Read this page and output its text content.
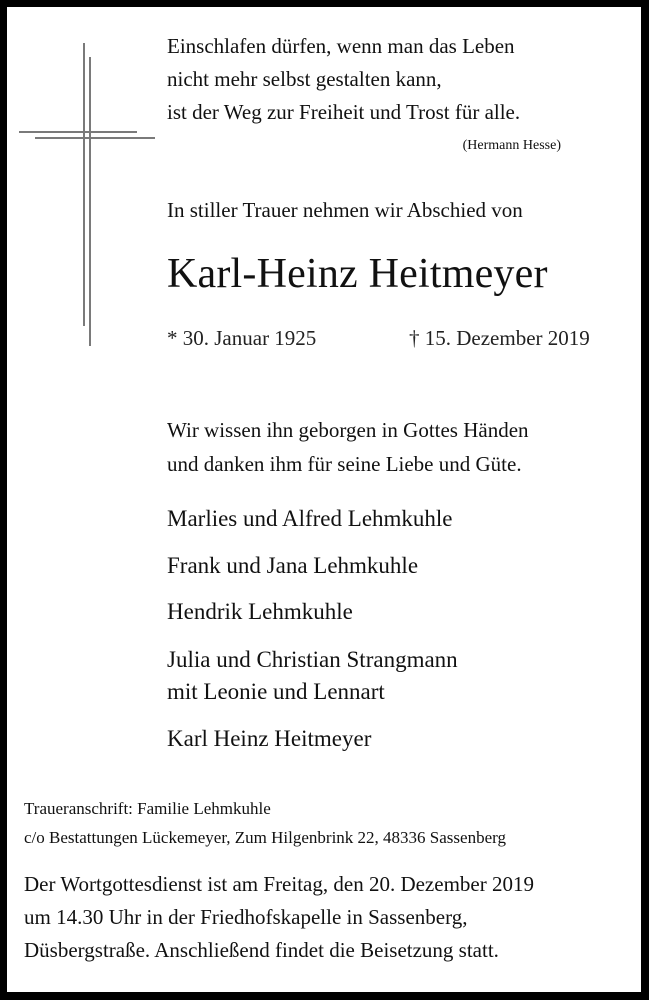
Einschlafen dürfen, wenn man das Leben
nicht mehr selbst gestalten kann,
ist der Weg zur Freiheit und Trost für alle.
(Hermann Hesse)
In stiller Trauer nehmen wir Abschied von
Karl-Heinz Heitmeyer
* 30. Januar 1925	† 15. Dezember 2019
Wir wissen ihn geborgen in Gottes Händen
und danken ihm für seine Liebe und Güte.
Marlies und Alfred Lehmkuhle
Frank und Jana Lehmkuhle
Hendrik Lehmkuhle
Julia und Christian Strangmann
mit Leonie und Lennart
Karl Heinz Heitmeyer
Traueranschrift: Familie Lehmkuhle
c/o Bestattungen Lückemeyer, Zum Hilgenbrink 22, 48336 Sassenberg
Der Wortgottesdienst ist am Freitag, den 20. Dezember 2019
um 14.30 Uhr in der Friedhofskapelle in Sassenberg,
Düsbergstraße. Anschließend findet die Beisetzung statt.
